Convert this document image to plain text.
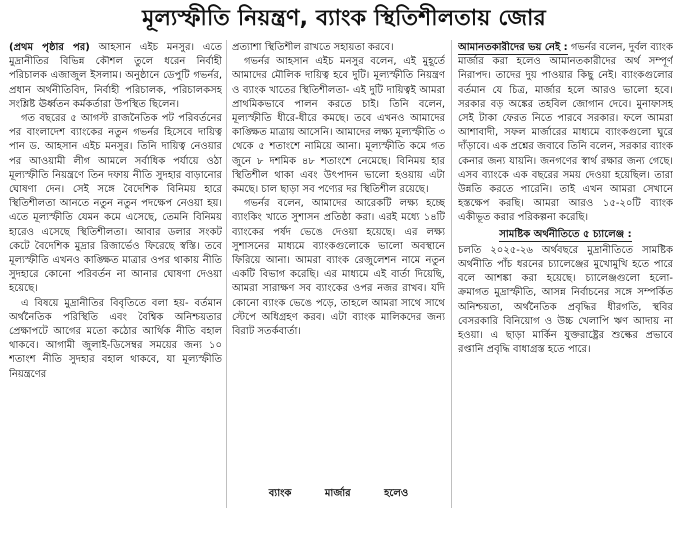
মূল্যস্ফীতি নিয়ন্ত্রণ, ব্যাংক স্থিতিশীলতায় জোর

(প্রথম পৃষ্ঠার পর) আহসান এইচ মনসুর। এতে মুদ্রানীতির বিভিন্ন কৌশল তুলে ধরেন নির্বাহী পরিচালক এজাজুল ইসলাম। অনুষ্ঠানে ডেপুটি গভর্নর, প্রধান অর্থনীতিবিদ, নির্বাহী পরিচালক, পরিচালকসহ সংশ্লিষ্ট ঊর্ধ্বতন কর্মকর্তারা উপস্থিত ছিলেন।

গত বছরের ৫ আগস্ট রাজনৈতিক পট পরিবর্তনের পর বাংলাদেশ ব্যাংকের নতুন গভর্নর হিসেবে দায়িত্ব পান ড. আহসান এইচ মনসুর। তিনি দায়িত্ব নেওয়ার পর আওয়ামী লীগ আমলে সর্বাধিক পর্যায়ে ওঠা মূল্যস্ফীতি নিয়ন্ত্রণে তিন দফায় নীতি সুদহার বাড়ানোর ঘোষণা দেন। সেই সঙ্গে বৈদেশিক বিনিময় হারে স্থিতিশীলতা আনতে নতুন নতুন পদক্ষেপ নেওয়া হয়। এতে মূল্যস্ফীতি যেমন কমে এসেছে, তেমনি বিনিময় হারেও এসেছে স্থিতিশীলতা। আবার ডলার সংকট কেটে বৈদেশিক মুদ্রার রিজার্ভেও ফিরেছে স্বস্তি। তবে মূল্যস্ফীতি এখনও কাঙ্ক্ষিত মাত্রার ওপর থাকায় নীতি সুদহারে কোনো পরিবর্তন না আনার ঘোষণা দেওয়া হয়েছে।

এ বিষয়ে মুদ্রানীতির বিবৃতিতে বলা হয়- বর্তমান অর্থনৈতিক পরিস্থিতি এবং বৈশ্বিক অনিশ্চয়তার প্রেক্ষাপটে আগের মতো কঠোর আর্থিক নীতি বহাল থাকবে। আগামী জুলাই-ডিসেম্বর সময়ের জন্য ১০ শতাংশ নীতি সুদহার বহাল থাকবে, যা মূল্যস্ফীতি নিয়ন্ত্রণের

প্রত্যাশা স্থিতিশীল রাখতে সহায়তা করবে।

গভর্নর আহসান এইচ মনসুর বলেন, এই মুহূর্তে আমাদের মৌলিক দায়িত্ব হবে দুটি। মূল্যস্ফীতি নিয়ন্ত্রণ ও ব্যাংক খাতের স্থিতিশীলতা- এই দুটি দায়িত্বই আমরা প্রাথমিকভাবে পালন করতে চাই। তিনি বলেন, মূল্যস্ফীতি ধীরে-ধীরে কমছে। তবে এখনও আমাদের কাঙ্ক্ষিত মাত্রায় আসেনি। আমাদের লক্ষ্য মূল্যস্ফীতি ৩ থেকে ৫ শতাংশে নামিয়ে আনা। মূল্যস্ফীতি কমে গত জুনে ৮ দশমিক ৪৮ শতাংশে নেমেছে। বিনিময় হার স্থিতিশীল থাকা এবং উৎপাদন ভালো হওয়ায় এটা কমছে। চাল ছাড়া সব পণ্যের দর স্থিতিশীল রয়েছে।

গভর্নর বলেন, আমাদের আরেকটি লক্ষ্য হচ্ছে ব্যাংকিং খাতে সুশাসন প্রতিষ্ঠা করা। এরই মধ্যে ১৪টি ব্যাংকের পর্ষদ ভেঙে দেওয়া হয়েছে। এর লক্ষ্য সুশাসনের মাধ্যমে ব্যাংকগুলোকে ভালো অবস্থানে ফিরিয়ে আনা। আমরা ব্যাংক রেজুলেশন নামে নতুন একটি বিভাগ করেছি। এর মাধ্যমে এই বার্তা দিয়েছি, আমরা সারাক্ষণ সব ব্যাংকের ওপর নজর রাখব। যদি কোনো ব্যাংক ভেঙে পড়ে, তাহলে আমরা সাথে সাথে স্টেপে অধিগ্রহণ করব। এটা ব্যাংক মালিকদের জন্য বিরাট সতর্কবার্তা।

ব্যাংক মার্জার হলেও

আমানতকারীদের ভয় নেই : গভর্নর বলেন, দুর্বল ব্যাংক মার্জার করা হলেও আমানতকারীদের অর্থ সম্পূর্ণ নিরাপদ। তাদের দুয় পাওয়ার কিছু নেই। ব্যাংকগুলোর বর্তমান যে চিত্র, মার্জার হলে আরও ভালো হবে। সরকার বড় অঙ্কের তহবিল জোগান দেবে। মুনাফাসহ সেই টাকা ফেরত নিতে পারবে সরকার। ফলে আমরা আশাবাদী, সফল মার্জারের মাধ্যমে ব্যাংকগুলো ঘুরে দাঁড়াবে। এক প্রশ্নের জবাবে তিনি বলেন, সরকার ব্যাংক কেনার জন্য যায়নি। জনগণের স্বার্থ রক্ষার জন্য গেছে। এসব ব্যাংকে এক বছরের সময় দেওয়া হয়েছিল। তারা উন্নতি করতে পারেনি। তাই এখন আমরা সেখানে হস্তক্ষেপ করছি। আমরা আরও ১৫-২০টি ব্যাংক একীভূত করার পরিকল্পনা করেছি।

সামষ্টিক অর্থনীতিতে ৫ চ্যালেঞ্জ :

চলতি ২০২৫-২৬ অর্থবছরে মুদ্রানীতিতে সামষ্টিক অর্থনীতি পাঁচ ধরনের চ্যালেঞ্জের মুখোমুখি হতে পারে বলে আশঙ্কা করা হয়েছে। চ্যালেঞ্জগুলো হলো- ক্রমাগত মুদ্রাস্ফীতি, আসন্ন নির্বাচনের সঙ্গে সম্পর্কিত অনিশ্চয়তা, অর্থনৈতিক প্রবৃদ্ধির ধীরগতি, স্থবির বেসরকারি বিনিয়োগ ও উচ্চ খেলাপি ঋণ আদায় না হওয়া। এ ছাড়া মার্কিন যুক্তরাষ্ট্রের শুল্কের প্রভাবে রপ্তানি প্রবৃদ্ধি বাধাগ্রস্ত হতে পারে।
